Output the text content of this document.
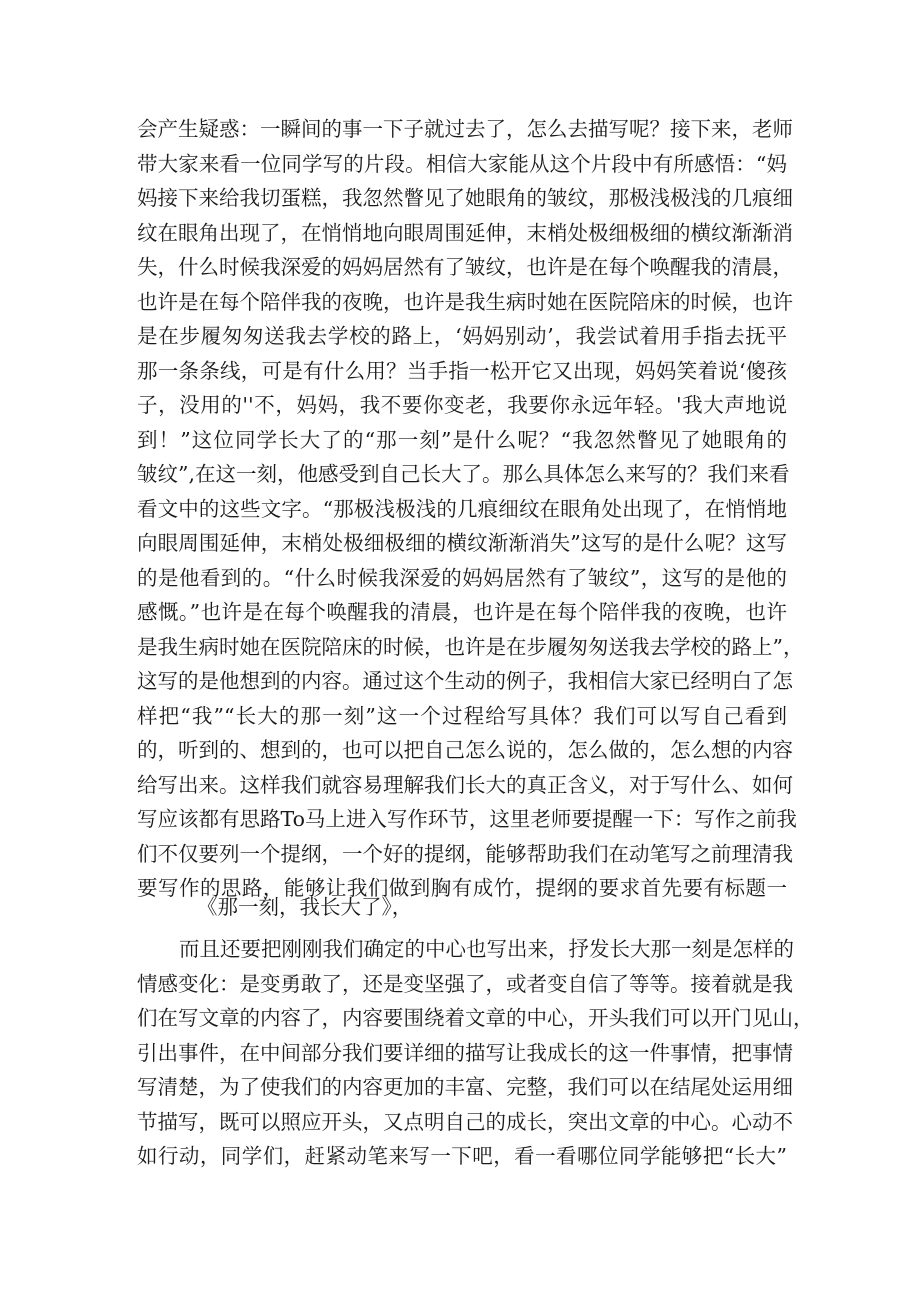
会产生疑惑：一瞬间的事一下子就过去了，怎么去描写呢？接下来，老师
带大家来看一位同学写的片段。相信大家能从这个片段中有所感悟：“妈
妈接下来给我切蛋糕，我忽然瞥见了她眼角的皱纹，那极浅极浅的几痕细
纹在眼角出现了，在悄悄地向眼周围延伸，末梢处极细极细的横纹渐渐消
失，什么时候我深爱的妈妈居然有了皱纹，也许是在每个唤醒我的清晨，
也许是在每个陪伴我的夜晚，也许是我生病时她在医院陪床的时候，也许
是在步履匆匆送我去学校的路上，‘妈妈别动’，我尝试着用手指去抚平
那一条条线，可是有什么用？当手指一松开它又出现，妈妈笑着说‘傻孩
子，没用的''不，妈妈，我不要你变老，我要你永远年轻。'我大声地说
到！”这位同学长大了的“那一刻”是什么呢？“我忽然瞥见了她眼角的
皱纹”,在这一刻，他感受到自己长大了。那么具体怎么来写的？我们来看
看文中的这些文字。“那极浅极浅的几痕细纹在眼角处出现了，在悄悄地
向眼周围延伸，末梢处极细极细的横纹渐渐消失”这写的是什么呢？这写
的是他看到的。“什么时候我深爱的妈妈居然有了皱纹”，这写的是他的
感慨。”也许是在每个唤醒我的清晨，也许是在每个陪伴我的夜晚，也许
是我生病时她在医院陪床的时候，也许是在步履匆匆送我去学校的路上”，
这写的是他想到的内容。通过这个生动的例子，我相信大家已经明白了怎
样把“我”“长大的那一刻”这一个过程给写具体？我们可以写自己看到
的，听到的、想到的，也可以把自己怎么说的，怎么做的，怎么想的内容
给写出来。这样我们就容易理解我们长大的真正含义，对于写什么、如何
写应该都有思路To马上进入写作环节，这里老师要提醒一下：写作之前我
们不仅要列一个提纲，一个好的提纲，能够帮助我们在动笔写之前理清我
要写作的思路，能够让我们做到胸有成竹，提纲的要求首先要有标题一
《那一刻，我长大了》，
而且还要把刚刚我们确定的中心也写出来，抒发长大那一刻是怎样的
情感变化：是变勇敢了，还是变坚强了，或者变自信了等等。接着就是我
们在写文章的内容了，内容要围绕着文章的中心，开头我们可以开门见山，
引出事件，在中间部分我们要详细的描写让我成长的这一件事情，把事情
写清楚，为了使我们的内容更加的丰富、完整，我们可以在结尾处运用细
节描写，既可以照应开头，又点明自己的成长，突出文章的中心。心动不
如行动，同学们，赶紧动笔来写一下吧，看一看哪位同学能够把“长大”
